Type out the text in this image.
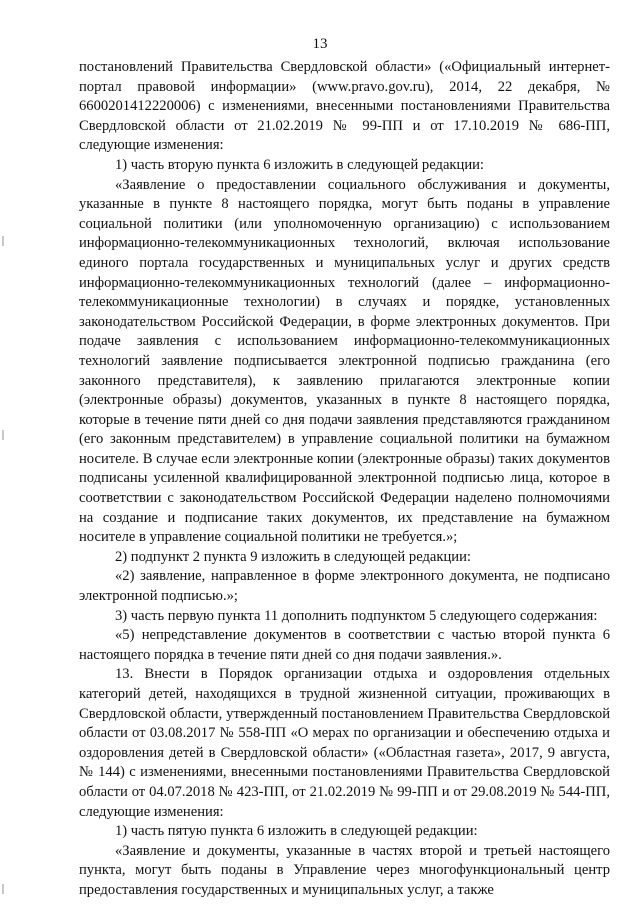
13

постановлений Правительства Свердловской области» («Официальный интернет-портал правовой информации» (www.pravo.gov.ru), 2014, 22 декабря, № 6600201412220006) с изменениями, внесенными постановлениями Правительства Свердловской области от 21.02.2019 № 99-ПП и от 17.10.2019 № 686-ПП, следующие изменения:

1) часть вторую пункта 6 изложить в следующей редакции:

«Заявление о предоставлении социального обслуживания и документы, указанные в пункте 8 настоящего порядка, могут быть поданы в управление социальной политики (или уполномоченную организацию) с использованием информационно-телекоммуникационных технологий, включая использование единого портала государственных и муниципальных услуг и других средств информационно-телекоммуникационных технологий (далее – информационно-телекоммуникационные технологии) в случаях и порядке, установленных законодательством Российской Федерации, в форме электронных документов. При подаче заявления с использованием информационно-телекоммуникационных технологий заявление подписывается электронной подписью гражданина (его законного представителя), к заявлению прилагаются электронные копии (электронные образы) документов, указанных в пункте 8 настоящего порядка, которые в течение пяти дней со дня подачи заявления представляются гражданином (его законным представителем) в управление социальной политики на бумажном носителе. В случае если электронные копии (электронные образы) таких документов подписаны усиленной квалифицированной электронной подписью лица, которое в соответствии с законодательством Российской Федерации наделено полномочиями на создание и подписание таких документов, их представление на бумажном носителе в управление социальной политики не требуется.»;

2) подпункт 2 пункта 9 изложить в следующей редакции:

«2) заявление, направленное в форме электронного документа, не подписано электронной подписью.»;

3) часть первую пункта 11 дополнить подпунктом 5 следующего содержания:

«5) непредставление документов в соответствии с частью второй пункта 6 настоящего порядка в течение пяти дней со дня подачи заявления.».

13. Внести в Порядок организации отдыха и оздоровления отдельных категорий детей, находящихся в трудной жизненной ситуации, проживающих в Свердловской области, утвержденный постановлением Правительства Свердловской области от 03.08.2017 № 558-ПП «О мерах по организации и обеспечению отдыха и оздоровления детей в Свердловской области» («Областная газета», 2017, 9 августа, № 144) с изменениями, внесенными постановлениями Правительства Свердловской области от 04.07.2018 № 423-ПП, от 21.02.2019 № 99-ПП и от 29.08.2019 № 544-ПП, следующие изменения:

1) часть пятую пункта 6 изложить в следующей редакции:

«Заявление и документы, указанные в частях второй и третьей настоящего пункта, могут быть поданы в Управление через многофункциональный центр предоставления государственных и муниципальных услуг, а также
